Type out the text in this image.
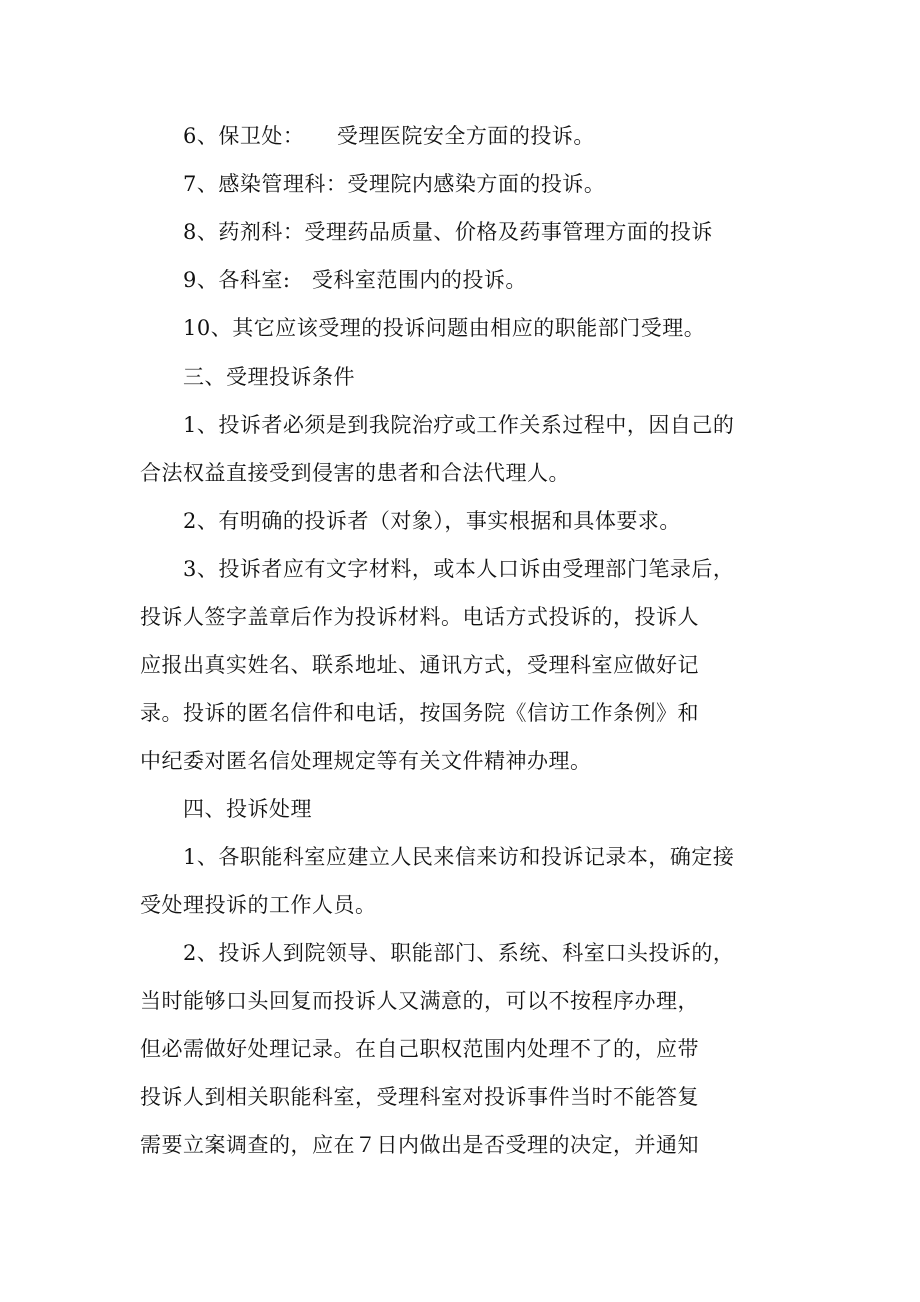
6、保卫处：　　受理医院安全方面的投诉。
7、感染管理科：受理院内感染方面的投诉。
8、药剂科：受理药品质量、价格及药事管理方面的投诉
9、各科室:　受科室范围内的投诉。
10、其它应该受理的投诉问题由相应的职能部门受理。
三、受理投诉条件
1、投诉者必须是到我院治疗或工作关系过程中，因自己的
合法权益直接受到侵害的患者和合法代理人。
2、有明确的投诉者（对象），事实根据和具体要求。
3、投诉者应有文字材料，或本人口诉由受理部门笔录后，
投诉人签字盖章后作为投诉材料。电话方式投诉的，投诉人
应报出真实姓名、联系地址、通讯方式，受理科室应做好记
录。投诉的匿名信件和电话，按国务院《信访工作条例》和
中纪委对匿名信处理规定等有关文件精神办理。
四、投诉处理
1、各职能科室应建立人民来信来访和投诉记录本，确定接
受处理投诉的工作人员。
2、投诉人到院领导、职能部门、系统、科室口头投诉的，
当时能够口头回复而投诉人又满意的，可以不按程序办理，
但必需做好处理记录。在自己职权范围内处理不了的，应带
投诉人到相关职能科室，受理科室对投诉事件当时不能答复
需要立案调查的，应在７日内做出是否受理的决定，并通知
